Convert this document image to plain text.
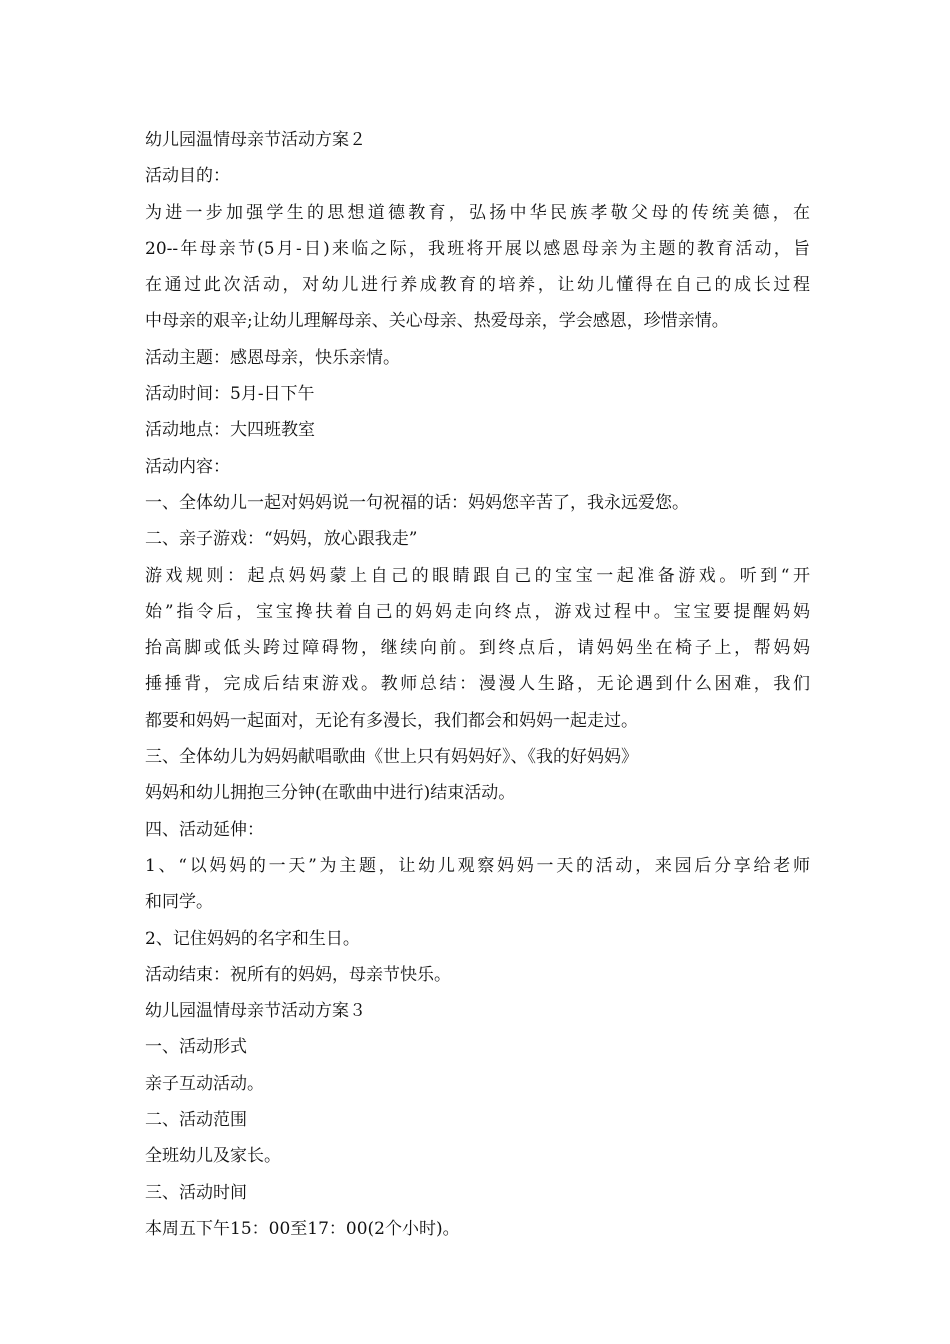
幼儿园温情母亲节活动方案２
活动目的：
为进一步加强学生的思想道德教育，弘扬中华民族孝敬父母的传统美德，在
20--年母亲节(5月-日)来临之际，我班将开展以感恩母亲为主题的教育活动，旨
在通过此次活动，对幼儿进行养成教育的培养，让幼儿懂得在自己的成长过程
中母亲的艰辛;让幼儿理解母亲、关心母亲、热爱母亲，学会感恩，珍惜亲情。
活动主题：感恩母亲，快乐亲情。
活动时间：5月-日下午
活动地点：大四班教室
活动内容：
一、全体幼儿一起对妈妈说一句祝福的话：妈妈您辛苦了，我永远爱您。
二、亲子游戏：“妈妈，放心跟我走”
游戏规则：起点妈妈蒙上自己的眼睛跟自己的宝宝一起准备游戏。听到“开
始”指令后，宝宝搀扶着自己的妈妈走向终点，游戏过程中。宝宝要提醒妈妈
抬高脚或低头跨过障碍物，继续向前。到终点后，请妈妈坐在椅子上，帮妈妈
捶捶背，完成后结束游戏。教师总结：漫漫人生路，无论遇到什么困难，我们
都要和妈妈一起面对，无论有多漫长，我们都会和妈妈一起走过。
三、全体幼儿为妈妈献唱歌曲《世上只有妈妈好》、《我的好妈妈》
妈妈和幼儿拥抱三分钟(在歌曲中进行)结束活动。
四、活动延伸：
1、“以妈妈的一天”为主题，让幼儿观察妈妈一天的活动，来园后分享给老师
和同学。
2、记住妈妈的名字和生日。
活动结束：祝所有的妈妈，母亲节快乐。
幼儿园温情母亲节活动方案３
一、活动形式
亲子互动活动。
二、活动范围
全班幼儿及家长。
三、活动时间
本周五下午15：00至17：00(2个小时)。
